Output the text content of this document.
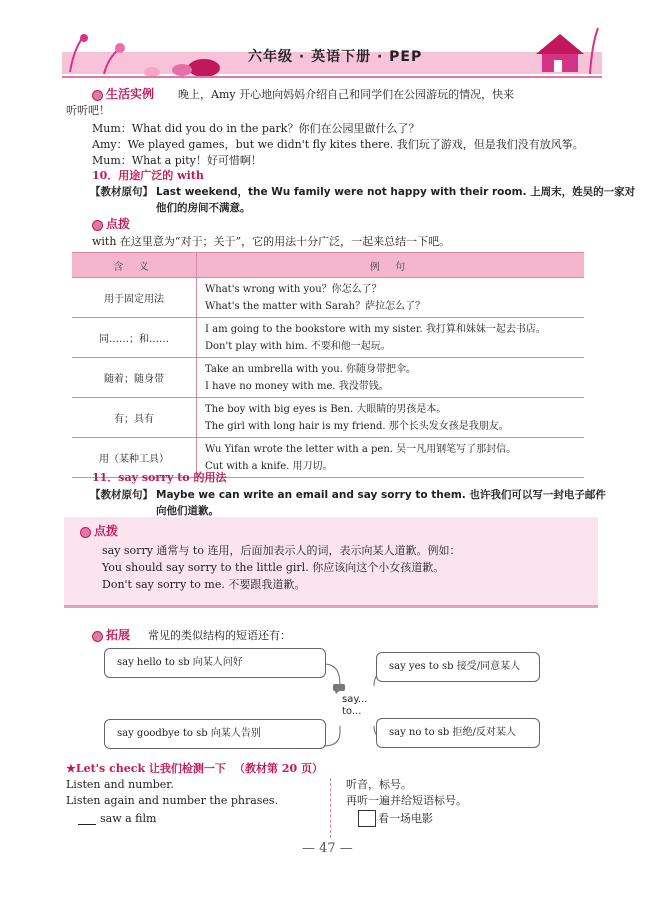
六年级 · 英语下册 · PEP
生活实例 晚上，Amy 开心地向妈妈介绍自己和同学们在公园游玩的情况，快来
听听吧！
Mum：What did you do in the park？你们在公园里做什么了？
Amy：We played games，but we didn't fly kites there. 我们玩了游戏，但是我们没有放风筝。
Mum：What a pity！好可惜啊！
10．用途广泛的 with
【教材原句】 Last weekend，the Wu family were not happy with their room. 上周末，姓吴的一家对
他们的房间不满意。
点拨
with 在这里意为“对于；关于”，它的用法十分广泛，一起来总结一下吧。
含 义	例 句
用于固定用法	What's wrong with you？你怎么了？
What's the matter with Sarah？萨拉怎么了？

同……；和……	I am going to the bookstore with my sister. 我打算和妹妹一起去书店。
Don't play with him. 不要和他一起玩。

随着；随身带	Take an umbrella with you. 你随身带把伞。
I have no money with me. 我没带钱。

有；具有	The boy with big eyes is Ben. 大眼睛的男孩是本。
The girl with long hair is my friend. 那个长头发女孩是我朋友。

用（某种工具）	Wu Yifan wrote the letter with a pen. 吴一凡用钢笔写了那封信。
Cut with a knife. 用刀切。
11．say sorry to 的用法
【教材原句】 Maybe we can write an email and say sorry to them. 也许我们可以写一封电子邮件
向他们道歉。
点拨
say sorry 通常与 to 连用，后面加表示人的词，表示向某人道歉。例如：
You should say sorry to the little girl. 你应该向这个小女孩道歉。
Don't say sorry to me. 不要跟我道歉。
拓展 常见的类似结构的短语还有：
say hello to sb 向某人问好
say goodbye to sb 向某人告别
say yes to sb 接受/同意某人
say no to sb 拒绝/反对某人
say...
to...
★Let's check 让我们检测一下 （教材第 20 页）
Listen and number.
Listen again and number the phrases.
saw a film
听音，标号。
再听一遍并给短语标号。
看一场电影
— 47 —
